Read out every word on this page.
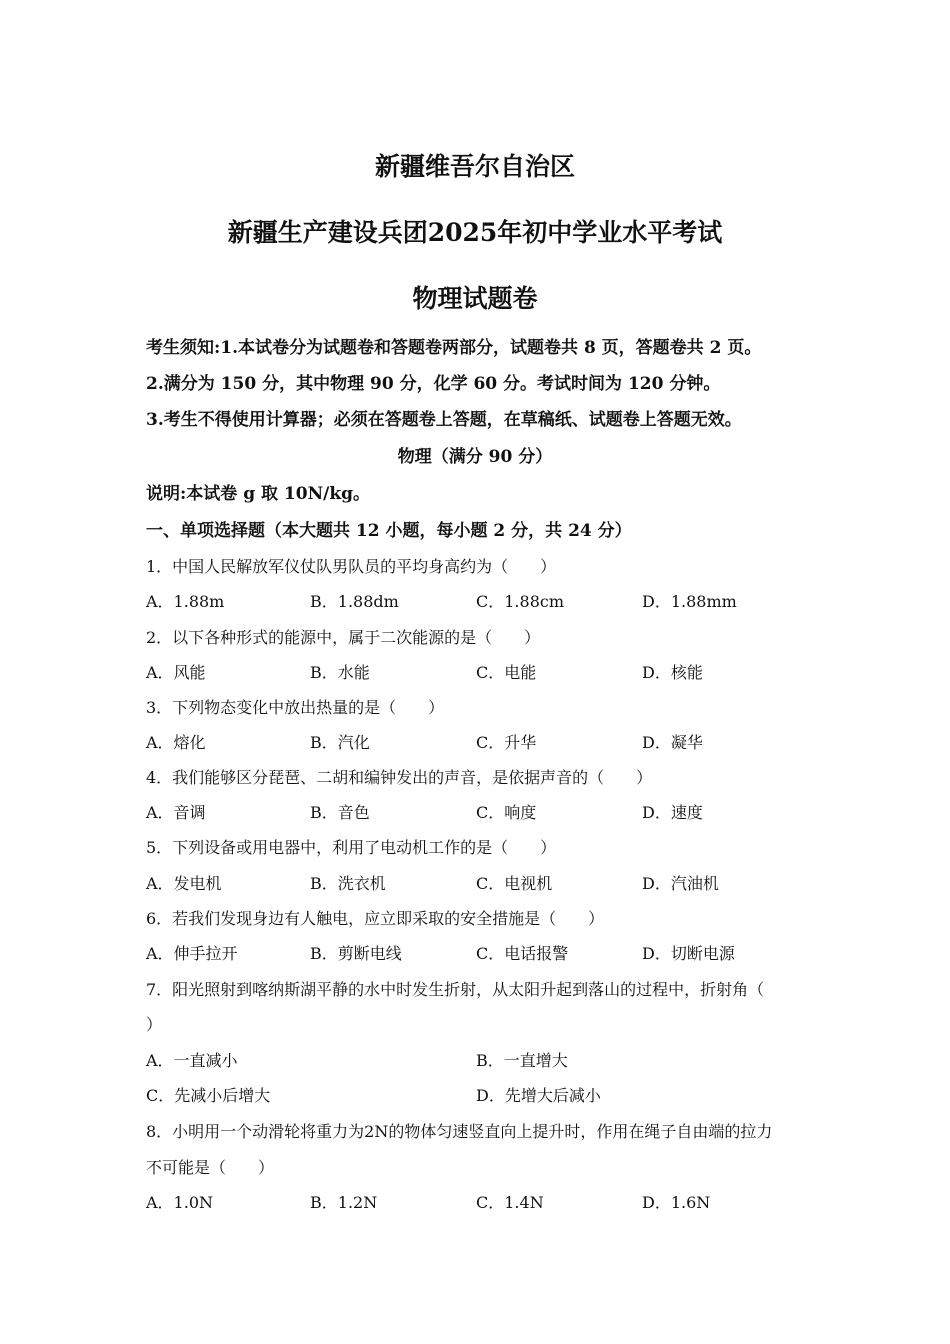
新疆维吾尔自治区
新疆生产建设兵团2025年初中学业水平考试
物理试题卷
考生须知:1.本试卷分为试题卷和答题卷两部分，试题卷共 8 页，答题卷共 2 页。
2.满分为 150 分，其中物理 90 分，化学 60 分。考试时间为 120 分钟。
3.考生不得使用计算器；必须在答题卷上答题，在草稿纸、试题卷上答题无效。
物理（满分 90 分）
说明:本试卷 g 取 10N/kg。
一、单项选择题（本大题共 12 小题，每小题 2 分，共 24 分）
1．中国人民解放军仪仗队男队员的平均身高约为（　　）
A．1.88m	B．1.88dm	C．1.88cm	D．1.88mm
2．以下各种形式的能源中，属于二次能源的是（　　）
A．风能	B．水能	C．电能	D．核能
3．下列物态变化中放出热量的是（　　）
A．熔化	B．汽化	C．升华	D．凝华
4．我们能够区分琵琶、二胡和编钟发出的声音，是依据声音的（　　）
A．音调	B．音色	C．响度	D．速度
5．下列设备或用电器中，利用了电动机工作的是（　　）
A．发电机	B．洗衣机	C．电视机	D．汽油机
6．若我们发现身边有人触电，应立即采取的安全措施是（　　）
A．伸手拉开	B．剪断电线	C．电话报警	D．切断电源
7．阳光照射到喀纳斯湖平静的水中时发生折射，从太阳升起到落山的过程中，折射角（
）
A．一直减小	B．一直增大
C．先减小后增大	D．先增大后减小
8．小明用一个动滑轮将重力为2N的物体匀速竖直向上提升时，作用在绳子自由端的拉力
不可能是（　　）
A．1.0N	B．1.2N	C．1.4N	D．1.6N
